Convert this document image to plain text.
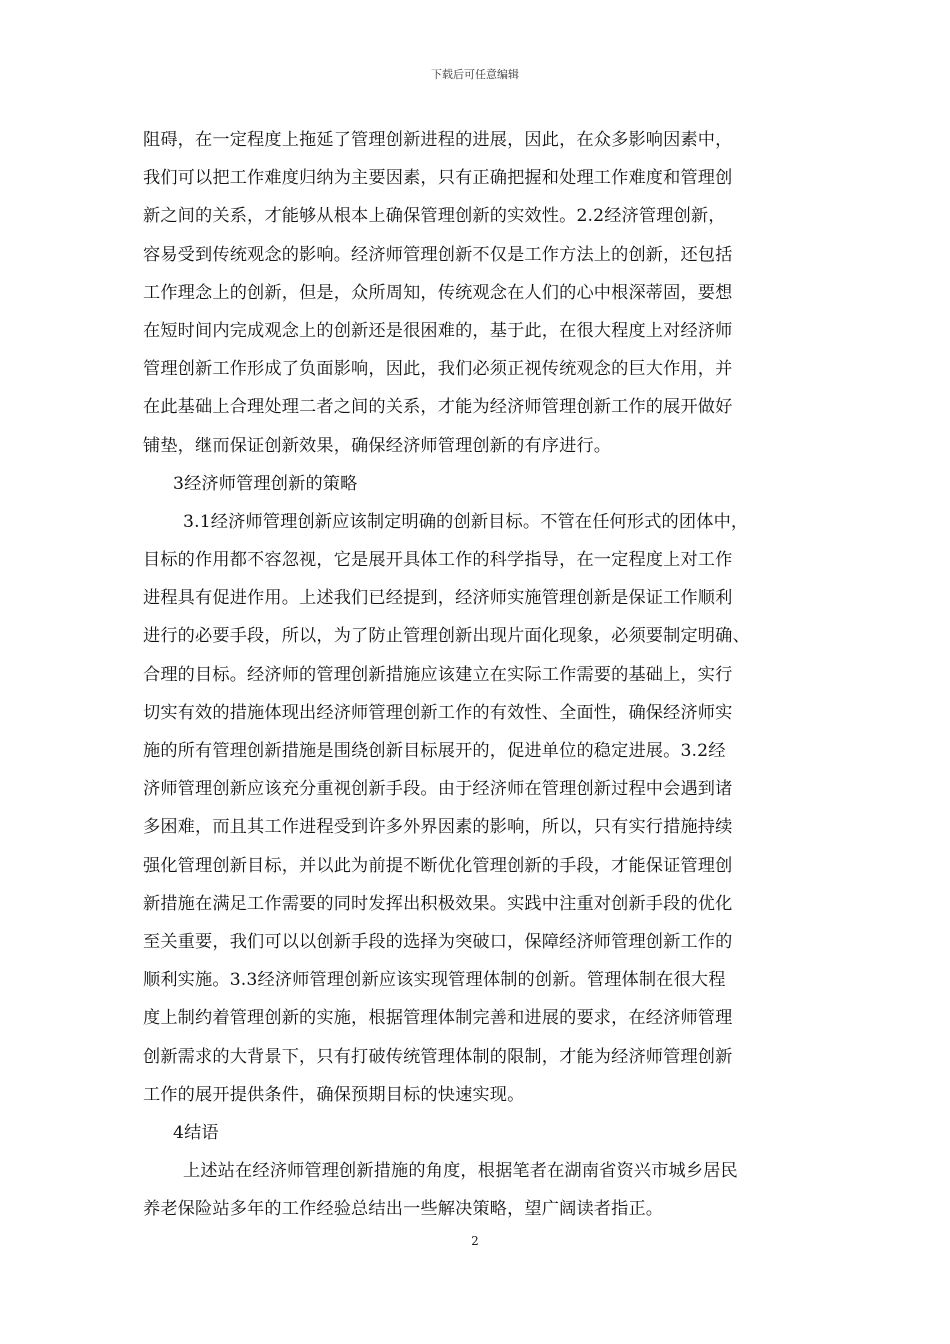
下载后可任意编辑
阻碍，在一定程度上拖延了管理创新进程的进展，因此，在众多影响因素中，
我们可以把工作难度归纳为主要因素，只有正确把握和处理工作难度和管理创
新之间的关系，才能够从根本上确保管理创新的实效性。2.2经济管理创新，
容易受到传统观念的影响。经济师管理创新不仅是工作方法上的创新，还包括
工作理念上的创新，但是，众所周知，传统观念在人们的心中根深蒂固，要想
在短时间内完成观念上的创新还是很困难的，基于此，在很大程度上对经济师
管理创新工作形成了负面影响，因此，我们必须正视传统观念的巨大作用，并
在此基础上合理处理二者之间的关系，才能为经济师管理创新工作的展开做好
铺垫，继而保证创新效果，确保经济师管理创新的有序进行。
3经济师管理创新的策略
3.1经济师管理创新应该制定明确的创新目标。不管在任何形式的团体中，
目标的作用都不容忽视，它是展开具体工作的科学指导，在一定程度上对工作
进程具有促进作用。上述我们已经提到，经济师实施管理创新是保证工作顺利
进行的必要手段，所以，为了防止管理创新出现片面化现象，必须要制定明确、
合理的目标。经济师的管理创新措施应该建立在实际工作需要的基础上，实行
切实有效的措施体现出经济师管理创新工作的有效性、全面性，确保经济师实
施的所有管理创新措施是围绕创新目标展开的，促进单位的稳定进展。3.2经
济师管理创新应该充分重视创新手段。由于经济师在管理创新过程中会遇到诸
多困难，而且其工作进程受到许多外界因素的影响，所以，只有实行措施持续
强化管理创新目标，并以此为前提不断优化管理创新的手段，才能保证管理创
新措施在满足工作需要的同时发挥出积极效果。实践中注重对创新手段的优化
至关重要，我们可以以创新手段的选择为突破口，保障经济师管理创新工作的
顺利实施。3.3经济师管理创新应该实现管理体制的创新。管理体制在很大程
度上制约着管理创新的实施，根据管理体制完善和进展的要求，在经济师管理
创新需求的大背景下，只有打破传统管理体制的限制，才能为经济师管理创新
工作的展开提供条件，确保预期目标的快速实现。
4结语
上述站在经济师管理创新措施的角度，根据笔者在湖南省资兴市城乡居民
养老保险站多年的工作经验总结出一些解决策略，望广阔读者指正。
2
